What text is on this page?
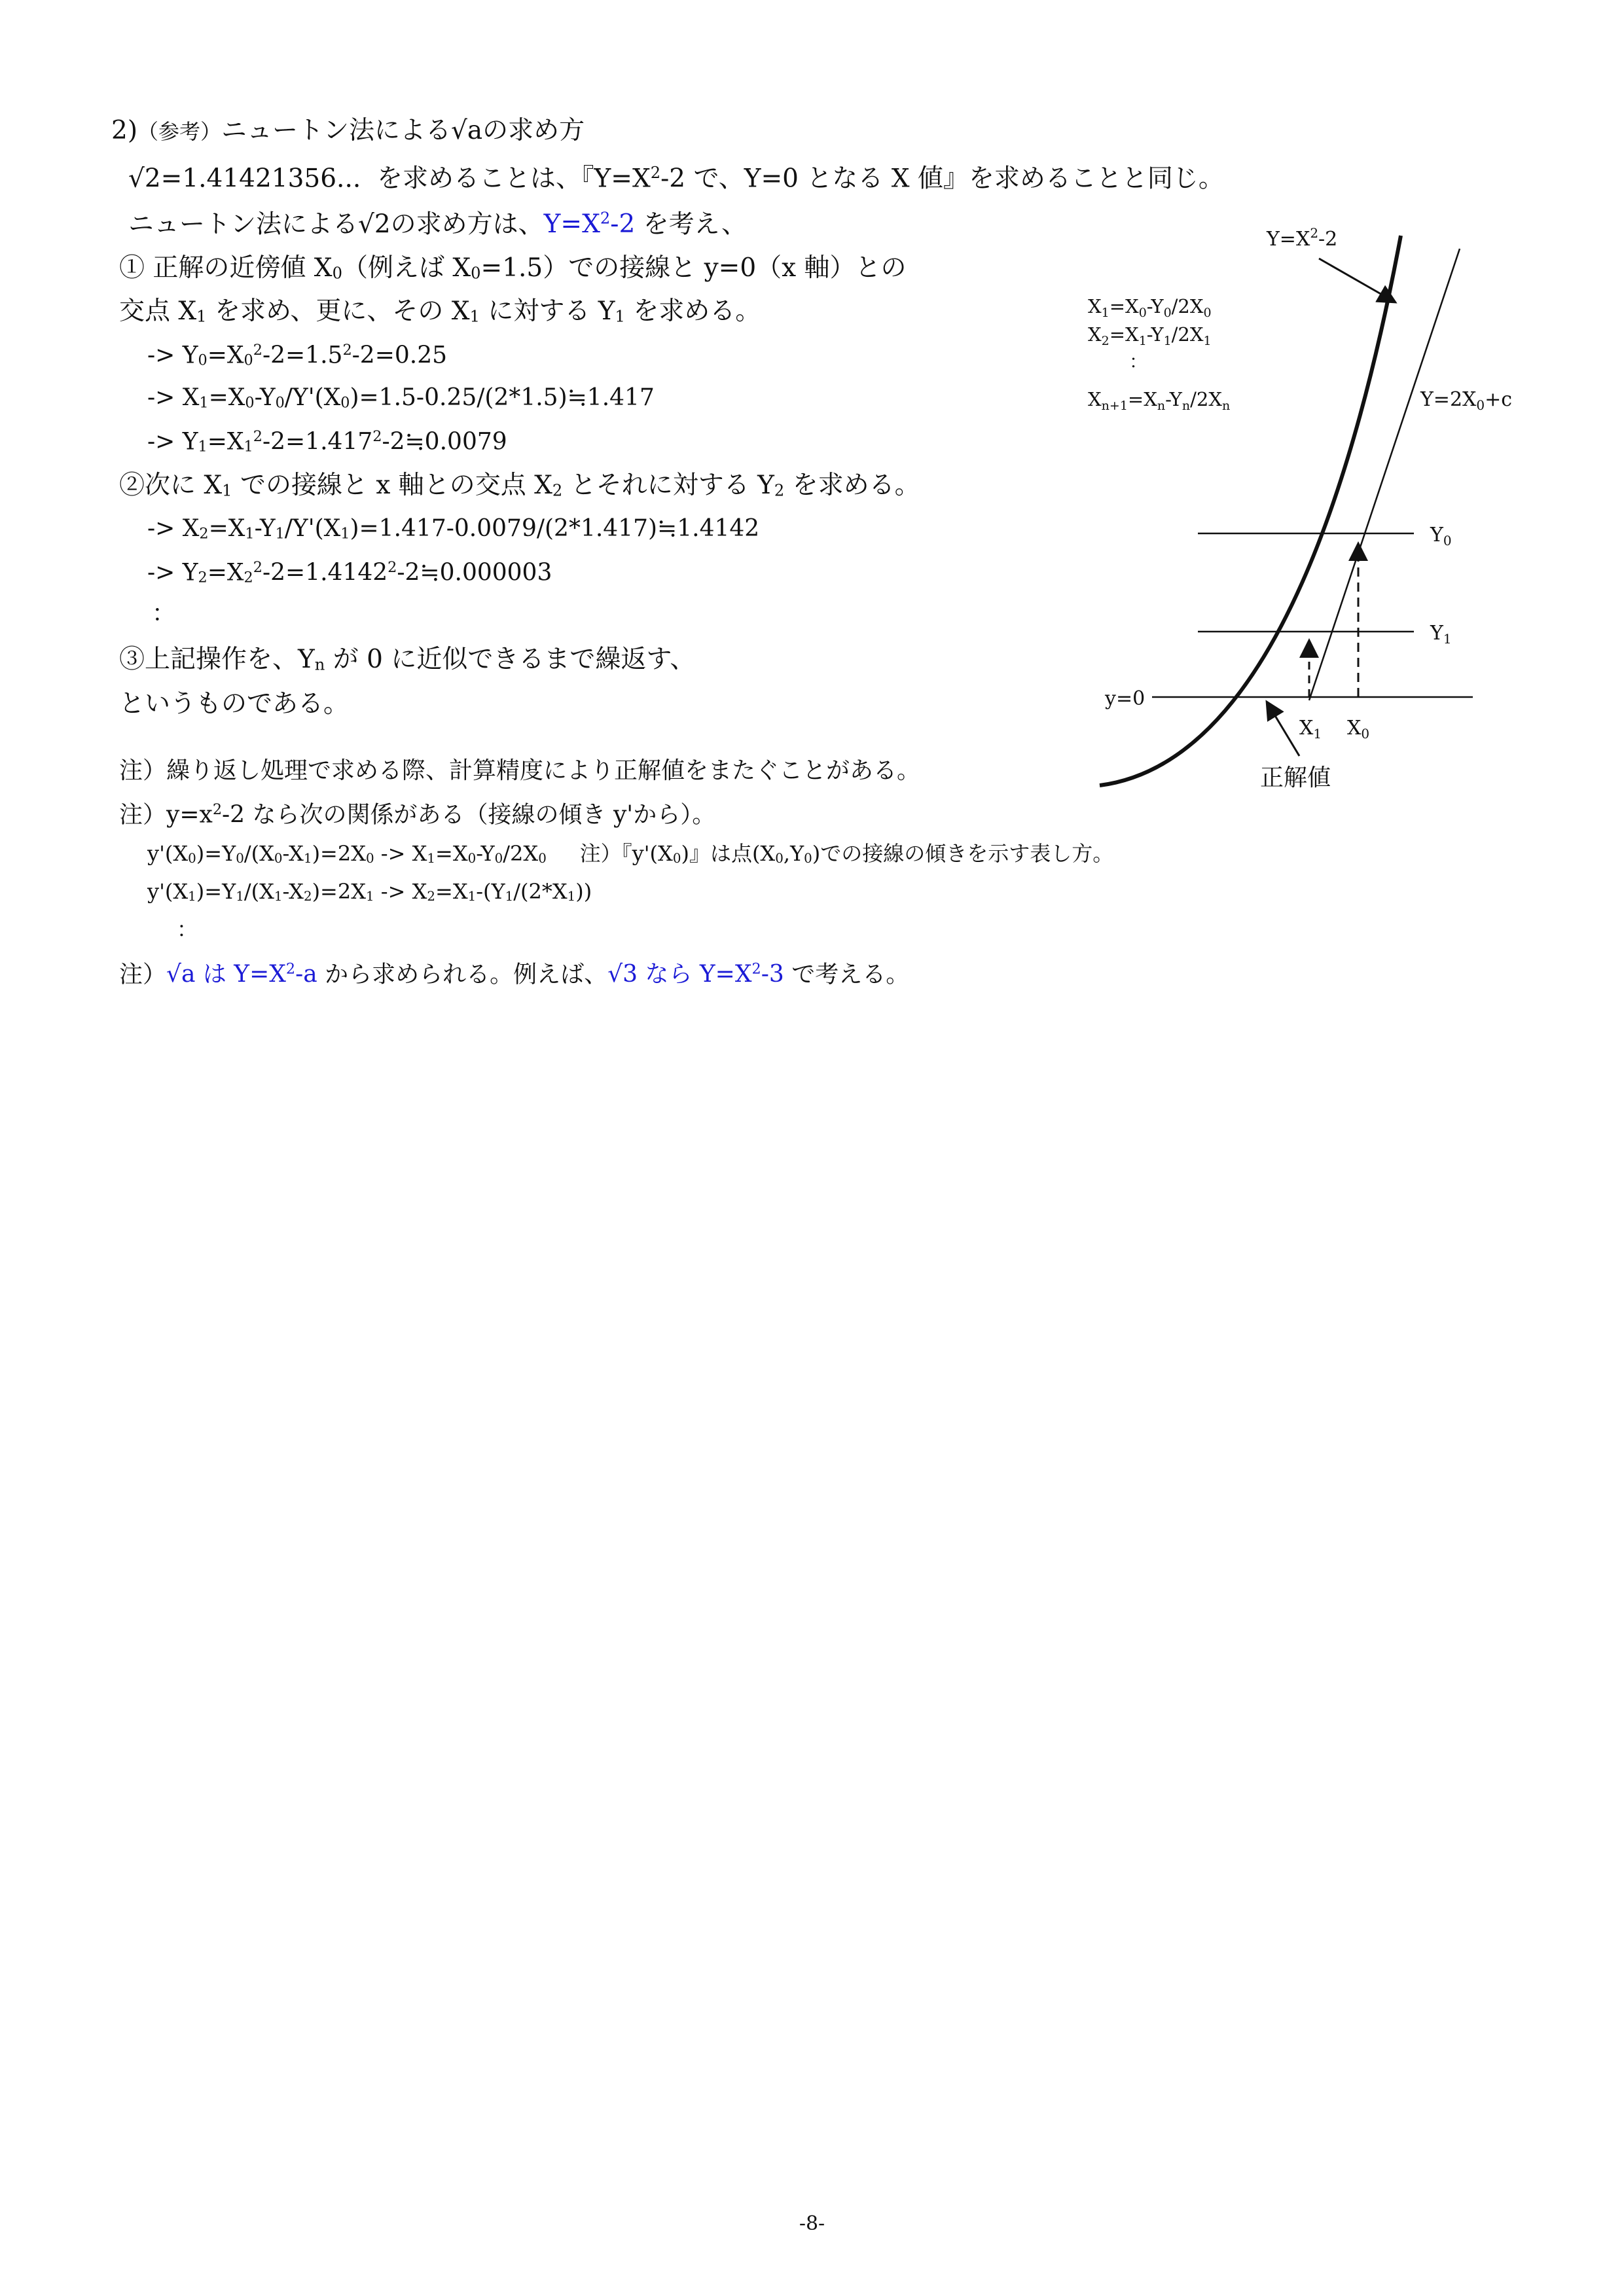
2)（参考）ニュートン法による√aの求め方
√2=1.41421356...  を求めることは、『$Y=X^2-2$ で、Y=0 となる X 値』を求めることと同じ。
ニュートン法による√2の求め方は、$Y=X^2-2$ を考え、
① 正解の近傍値 X0（例えば X0=1.5）での接線と y=0（x 軸）との
交点 X1 を求め、更に、その X1 に対する Y1 を求める。
-> $Y0=X0^2-2=1.5^2-2=0.25$
-> X1=X0-Y0/Y'(X0)=1.5-0.25/(2*1.5)≒1.417
-> $Y1=X1^2-2=1.417^2-2≒0.0079$
②次に X1 での接線と x 軸との交点 X2 とそれに対する Y2 を求める。
-> X2=X1-Y1/Y'(X1)=1.417-0.0079/(2*1.417)≒1.4142
-> $Y2=X2^2-2=1.4142^2-2≒0.000003$
：
③上記操作を、Yn が 0 に近似できるまで繰返す、
というものである。
注）繰り返し処理で求める際、計算精度により正解値をまたぐことがある。
注）$y=x^2-2$ なら次の関係がある（接線の傾き y'から）。
y'(X0)=Y0/(X0-X1)=2X0 -> X1=X0-Y0/2X0     注）『y'(X0)』は点(X0,Y0)での接線の傾きを示す表し方。
y'(X1)=Y1/(X1-X2)=2X1 -> X2=X1-(Y1/(2*X1))
：
注）√a は $Y=X^2-a$ から求められる。例えば、√3 なら $Y=X^2-3$ で考える。
$Y=X^2-2$
$X_1=X_0-Y_0/2X_0$
$X_2=X_1-Y_1/2X_1$
：
$X_{n+1}=X_n-Y_n/2X_n$	$Y=2X_0+c$
$Y_0$
$Y_1$
y=0
$X_1$ $X_0$
正解値
-8-
